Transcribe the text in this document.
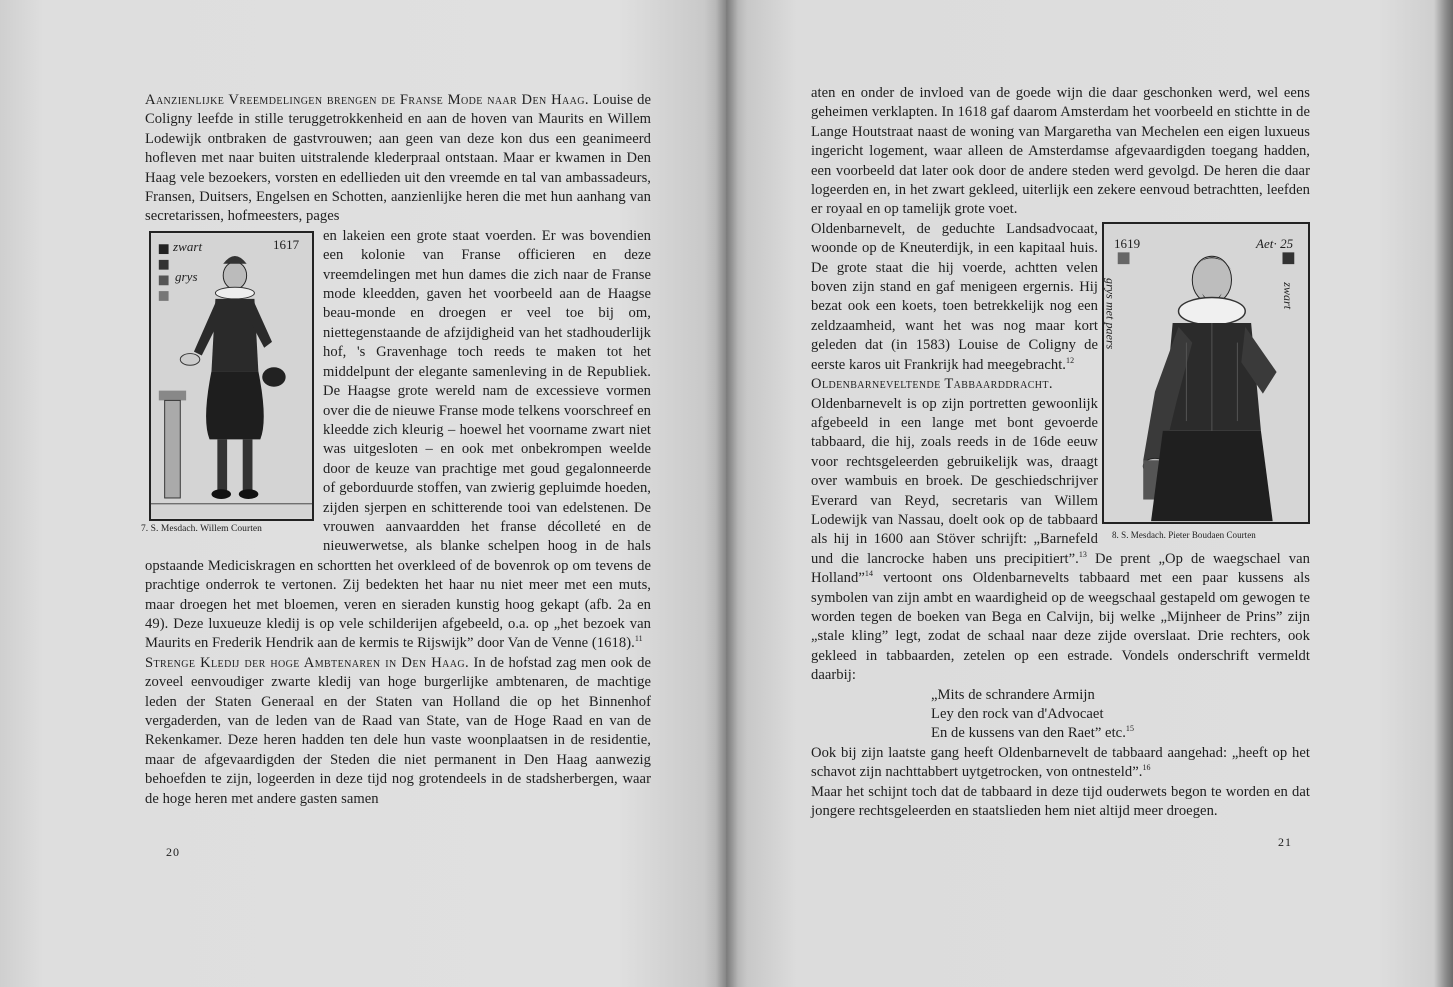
Aanzienlijke Vreemdelingen brengen de Franse Mode naar Den Haag. Louise de Coligny leefde in stille teruggetrokkenheid en aan de hoven van Maurits en Willem Lodewijk ontbraken de gastvrouwen; aan geen van deze kon dus een geanimeerd hofleven met naar buiten uitstralende klederpraal ontstaan. Maar er kwamen in Den Haag vele bezoekers, vorsten en edellieden uit den vreemde en tal van ambassadeurs, Fransen, Duitsers, Engelsen en Schotten, aanzienlijke heren die met hun aanhang van secretarissen, hofmeesters, pages

zwart
grys
1617
7. S. Mesdach. Willem Courten

en lakeien een grote staat voerden. Er was bovendien een kolonie van Franse officieren en deze vreemdelingen met hun dames die zich naar de Franse mode kleedden, gaven het voorbeeld aan de Haagse beau-monde en droegen er veel toe bij om, niettegenstaande de afzijdigheid van het stadhouderlijk hof, 's Gravenhage toch reeds te maken tot het middelpunt der elegante samenleving in de Republiek. De Haagse grote wereld nam de excessieve vormen over die de nieuwe Franse mode telkens voorschreef en kleedde zich kleurig – hoewel het voorname zwart niet was uitgesloten – en ook met onbekrompen weelde door de keuze van prachtige met goud gegalonneerde of geborduurde stoffen, van zwierig gepluimde hoeden, zijden sjerpen en schitterende tooi van edelstenen. De vrouwen aanvaardden het franse décolleté en de nieuwerwetse, als blanke schelpen hoog in de hals opstaande Mediciskragen en schortten het overkleed of de bovenrok op om tevens de prachtige onderrok te vertonen. Zij bedekten het haar nu niet meer met een muts, maar droegen het met bloemen, veren en sieraden kunstig hoog gekapt (afb. 2a en 49). Deze luxueuze kledij is op vele schilderijen afgebeeld, o.a. op „het bezoek van Maurits en Frederik Hendrik aan de kermis te Rijswijk” door Van de Venne (1618).$^{11}$

Strenge Kledij der hoge Ambtenaren in Den Haag. In de hofstad zag men ook de zoveel eenvoudiger zwarte kledij van hoge burgerlijke ambtenaren, de machtige leden der Staten Generaal en der Staten van Holland die op het Binnenhof vergaderden, van de leden van de Raad van State, van de Hoge Raad en van de Rekenkamer. Deze heren hadden ten dele hun vaste woonplaatsen in de residentie, maar de afgevaardigden der Steden die niet permanent in Den Haag aanwezig behoefden te zijn, logeerden in deze tijd nog grotendeels in de stadsherbergen, waar de hoge heren met andere gasten samen

20

aten en onder de invloed van de goede wijn die daar geschonken werd, wel eens geheimen verklapten. In 1618 gaf daarom Amsterdam het voorbeeld en stichtte in de Lange Houtstraat naast de woning van Margaretha van Mechelen een eigen luxueus ingericht logement, waar alleen de Amsterdamse afgevaardigden toegang hadden, een voorbeeld dat later ook door de andere steden werd gevolgd. De heren die daar logeerden en, in het zwart gekleed, uiterlijk een zekere eenvoud betrachtten, leefden er royaal en op tamelijk grote voet.

1619	Aet· 25
grys met paers	zwart
8. S. Mesdach. Pieter Boudaen Courten

Oldenbarnevelt, de geduchte Landsadvocaat, woonde op de Kneuterdijk, in een kapitaal huis. De grote staat die hij voerde, achtten velen boven zijn stand en gaf menigeen ergernis. Hij bezat ook een koets, toen betrekkelijk nog een zeldzaamheid, want het was nog maar kort geleden dat (in 1583) Louise de Coligny de eerste karos uit Frankrijk had meegebracht.$^{12}$

Oldenbarneveltende Tabbaarddracht.
Oldenbarnevelt is op zijn portretten gewoonlijk afgebeeld in een lange met bont gevoerde tabbaard, die hij, zoals reeds in de 16de eeuw voor rechtsgeleerden gebruikelijk was, draagt over wambuis en broek. De geschiedschrijver Everard van Reyd, secretaris van Willem Lodewijk van Nassau, doelt ook op de tabbaard als hij in 1600 aan Stöver schrijft: „Barnefeld und die lancrocke haben uns precipitiert”.$^{13}$ De prent „Op de waegschael van Holland”$^{14}$ vertoont ons Oldenbarnevelts tabbaard met een paar kussens als symbolen van zijn ambt en waardigheid op de weegschaal gestapeld om gewogen te worden tegen de boeken van Bega en Calvijn, bij welke „Mijnheer de Prins” zijn „stale kling” legt, zodat de schaal naar deze zijde overslaat. Drie rechters, ook gekleed in tabbaarden, zetelen op een estrade. Vondels onderschrift vermeldt daarbij:

„Mits de schrandere Armijn
Ley den rock van d'Advocaet
En de kussens van den Raet” etc.$^{15}$

Ook bij zijn laatste gang heeft Oldenbarnevelt de tabbaard aangehad: „heeft op het schavot zijn nachttabbert uytgetrocken, von ontnesteld”.$^{16}$

Maar het schijnt toch dat de tabbaard in deze tijd ouderwets begon te worden en dat jongere rechtsgeleerden en staatslieden hem niet altijd meer droegen.

21
